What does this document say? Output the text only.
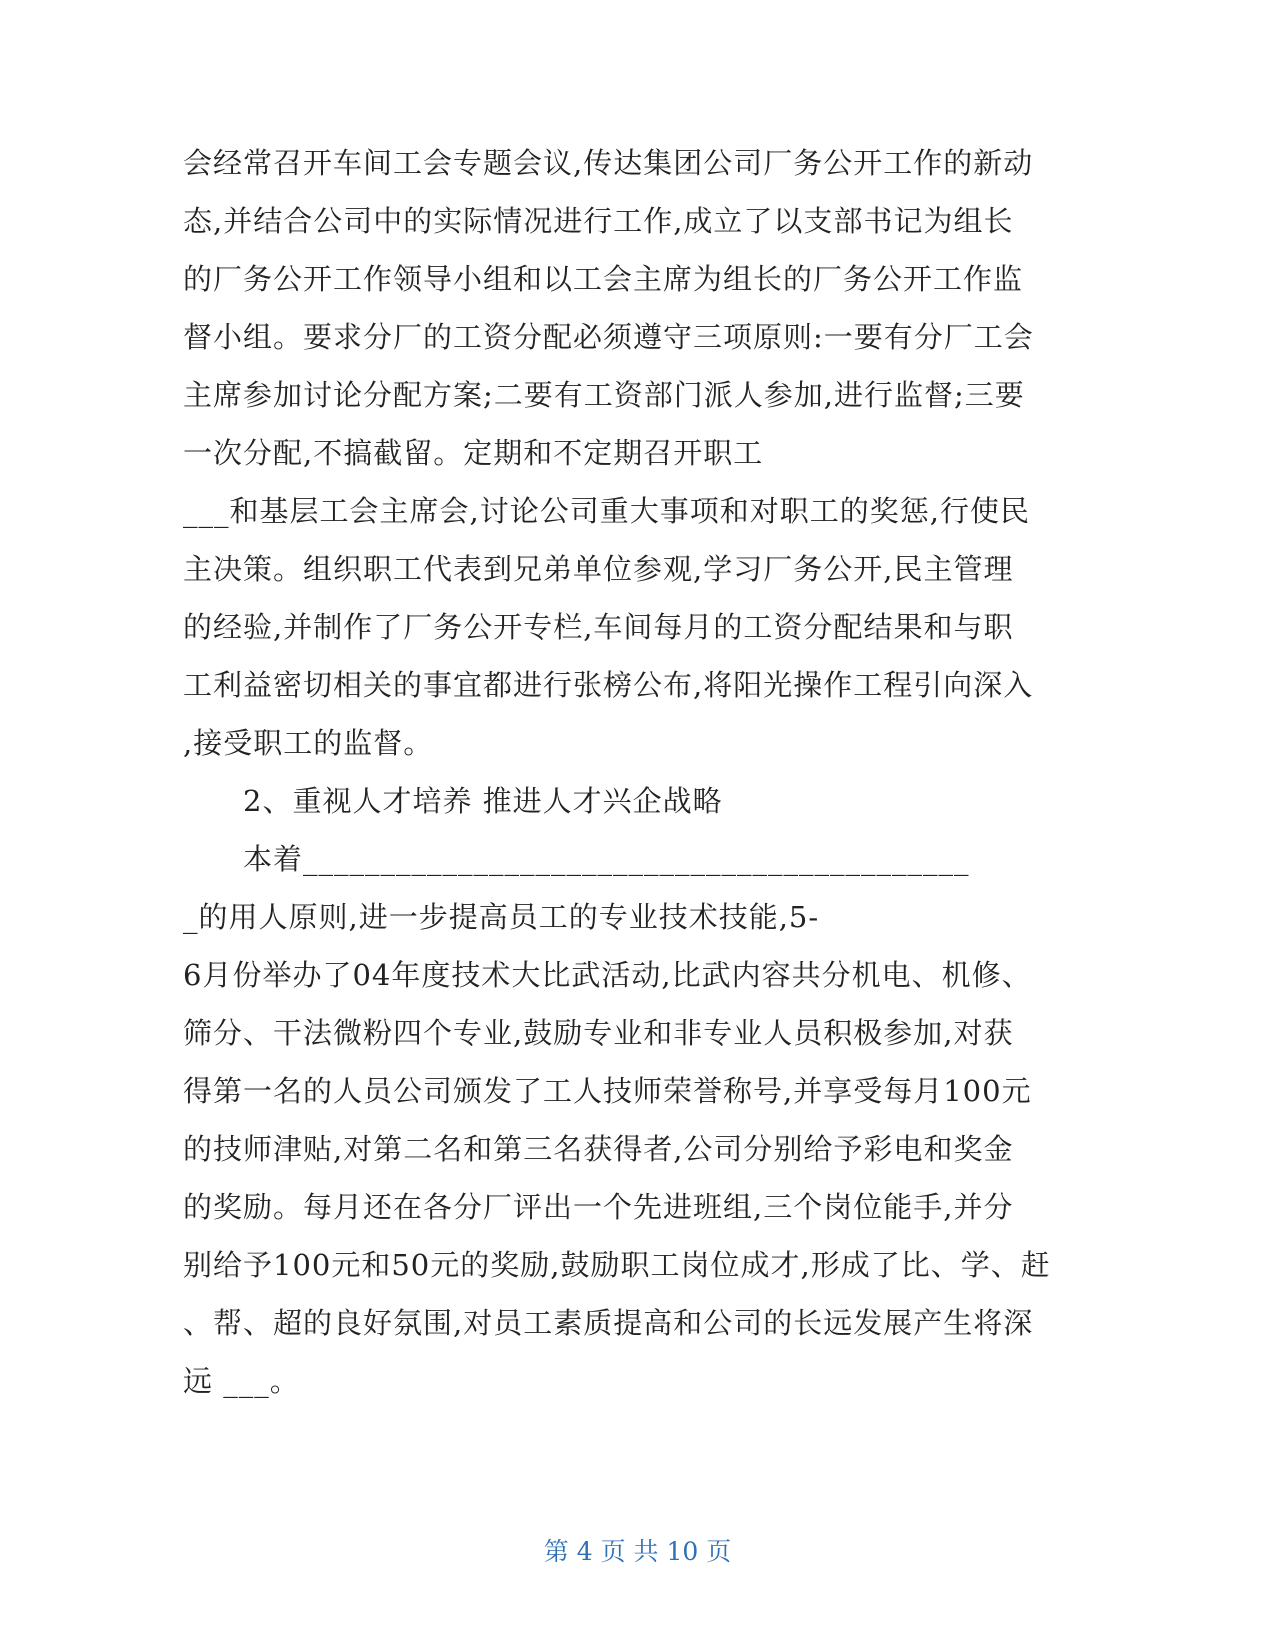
会经常召开车间工会专题会议,传达集团公司厂务公开工作的新动
态,并结合公司中的实际情况进行工作,成立了以支部书记为组长
的厂务公开工作领导小组和以工会主席为组长的厂务公开工作监
督小组。要求分厂的工资分配必须遵守三项原则:一要有分厂工会
主席参加讨论分配方案;二要有工资部门派人参加,进行监督;三要
一次分配,不搞截留。定期和不定期召开职工
___和基层工会主席会,讨论公司重大事项和对职工的奖惩,行使民
主决策。组织职工代表到兄弟单位参观,学习厂务公开,民主管理
的经验,并制作了厂务公开专栏,车间每月的工资分配结果和与职
工利益密切相关的事宜都进行张榜公布,将阳光操作工程引向深入
,接受职工的监督。
2、重视人才培养 推进人才兴企战略
本着___________________________________________
_的用人原则,进一步提高员工的专业技术技能,5-
6月份举办了04年度技术大比武活动,比武内容共分机电、机修、
筛分、干法微粉四个专业,鼓励专业和非专业人员积极参加,对获
得第一名的人员公司颁发了工人技师荣誉称号,并享受每月100元
的技师津贴,对第二名和第三名获得者,公司分别给予彩电和奖金
的奖励。每月还在各分厂评出一个先进班组,三个岗位能手,并分
别给予100元和50元的奖励,鼓励职工岗位成才,形成了比、学、赶
、帮、超的良好氛围,对员工素质提高和公司的长远发展产生将深
远 ___。
第 4 页 共 10 页
